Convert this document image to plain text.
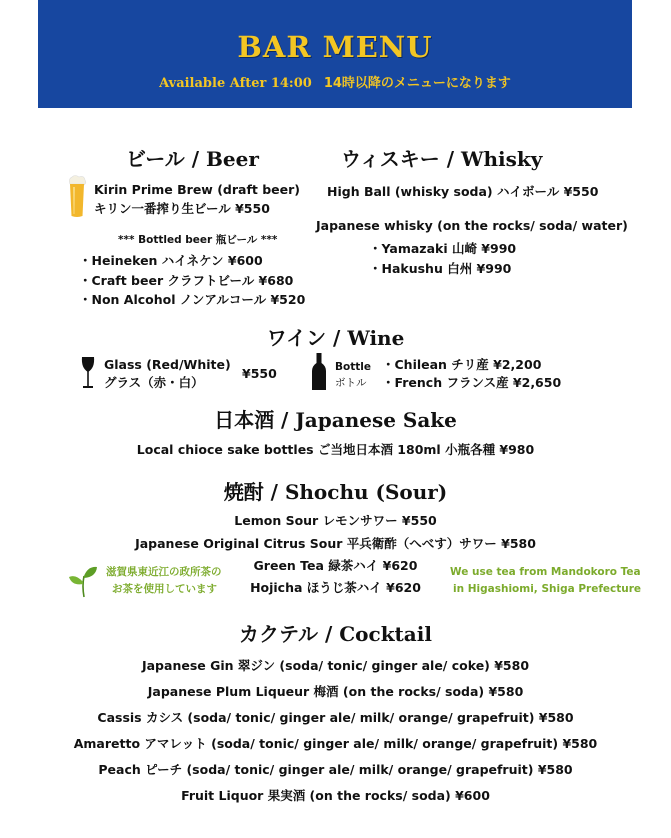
BAR MENU
Available After 14:00 14時以降のメニューになります
ビール / Beer
Kirin Prime Brew (draft beer)
キリン一番搾り生ビール ¥550
*** Bottled beer 瓶ビール ***
・Heineken ハイネケン ¥600
・Craft beer クラフトビール ¥680
・Non Alcohol ノンアルコール ¥520
ウィスキー / Whisky
High Ball (whisky soda) ハイボール ¥550
Japanese whisky (on the rocks/ soda/ water)
・Yamazaki 山崎 ¥990
・Hakushu 白州 ¥990
ワイン / Wine
Glass (Red/White)
グラス（赤・白）
¥550	Bottle
ボトル
・Chilean チリ産 ¥2,200
・French フランス産 ¥2,650
日本酒 / Japanese Sake
Local chioce sake bottles ご当地日本酒 180ml 小瓶各種 ¥980
焼酎 / Shochu (Sour)
Lemon Sour レモンサワー ¥550
Japanese Original Citrus Sour 平兵衛酢（へべす）サワー ¥580
Green Tea 緑茶ハイ ¥620
Hojicha ほうじ茶ハイ ¥620
滋賀県東近江の政所茶の
お茶を使用しています
We use tea from Mandokoro Tea
in Higashiomi, Shiga Prefecture
カクテル / Cocktail
Japanese Gin 翠ジン (soda/ tonic/ ginger ale/ coke) ¥580
Japanese Plum Liqueur 梅酒 (on the rocks/ soda) ¥580
Cassis カシス (soda/ tonic/ ginger ale/ milk/ orange/ grapefruit) ¥580
Amaretto アマレット (soda/ tonic/ ginger ale/ milk/ orange/ grapefruit) ¥580
Peach ピーチ (soda/ tonic/ ginger ale/ milk/ orange/ grapefruit) ¥580
Fruit Liquor 果実酒 (on the rocks/ soda) ¥600
